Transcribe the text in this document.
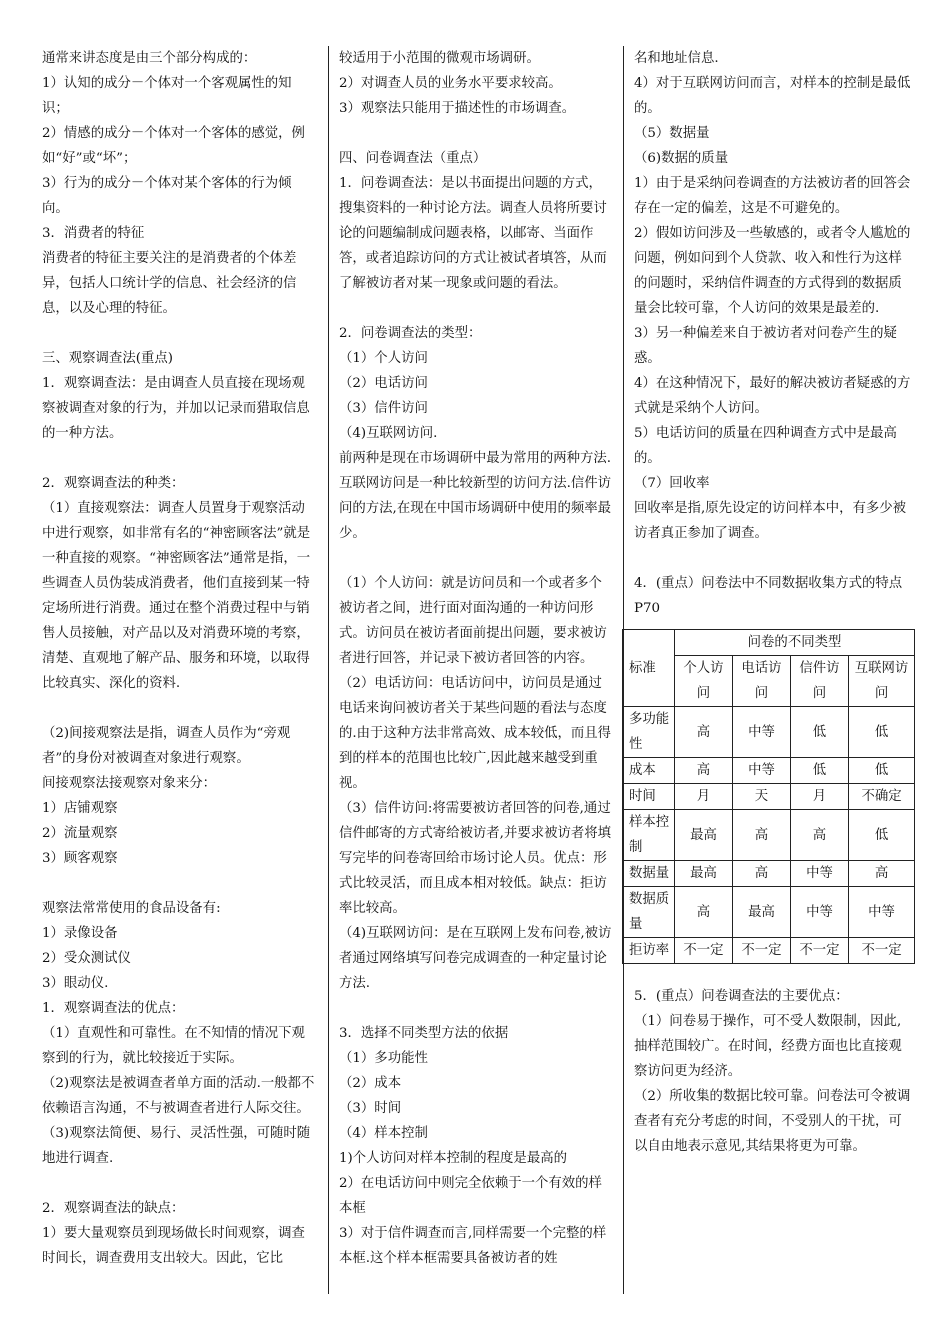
通常来讲态度是由三个部分构成的：

1）认知的成分－个体对一个客观属性的知识；

2）情感的成分－个体对一个客体的感觉，例如“好”或“坏”；

3）行为的成分－个体对某个客体的行为倾向。

3．消费者的特征

消费者的特征主要关注的是消费者的个体差异，包括人口统计学的信息、社会经济的信息，以及心理的特征。

三、观察调查法(重点)

1．观察调查法：是由调查人员直接在现场观察被调查对象的行为，并加以记录而猎取信息的一种方法。

2．观察调查法的种类：

（1）直接观察法：调查人员置身于观察活动中进行观察，如非常有名的“神密顾客法”就是一种直接的观察。“神密顾客法”通常是指，一些调查人员伪装成消费者，他们直接到某一特定场所进行消费。通过在整个消费过程中与销售人员接触，对产品以及对消费环境的考察，清楚、直观地了解产品、服务和环境，以取得比较真实、深化的资料.

（2)间接观察法是指，调查人员作为“旁观者”的身份对被调查对象进行观察。

间接观察法接观察对象来分：

1）店铺观察

2）流量观察

3）顾客观察

观察法常常使用的食品设备有:

1）录像设备

2）受众测试仪

3）眼动仪.

1．观察调查法的优点：

（1）直观性和可靠性。在不知情的情况下观察到的行为，就比较接近于实际。

（2)观察法是被调查者单方面的活动.一般都不依赖语言沟通，不与被调查者进行人际交往。

（3)观察法简便、易行、灵活性强，可随时随地进行调查.

2．观察调查法的缺点：

1）要大量观察员到现场做长时间观察，调查时间长，调查费用支出较大。因此，它比

较适用于小范围的微观市场调研。

2）对调查人员的业务水平要求较高。

3）观察法只能用于描述性的市场调查。

四、问卷调查法（重点）

1．问卷调查法：是以书面提出问题的方式，搜集资料的一种讨论方法。调查人员将所要讨论的问题编制成问题表格，以邮寄、当面作答，或者追踪访问的方式让被试者填答，从而了解被访者对某一现象或问题的看法。

2．问卷调查法的类型：

（1）个人访问

（2）电话访问

（3）信件访问

（4)互联网访问.

前两种是现在市场调研中最为常用的两种方法.互联网访问是一种比较新型的访问方法.信件访问的方法,在现在中国市场调研中使用的频率最少。

（1）个人访问：就是访问员和一个或者多个被访者之间，进行面对面沟通的一种访问形式。访问员在被访者面前提出问题，要求被访者进行回答，并记录下被访者回答的内容。

（2）电话访问：电话访问中，访问员是通过电话来询问被访者关于某些问题的看法与态度的.由于这种方法非常高效、成本较低，而且得到的样本的范围也比较广,因此越来越受到重视。

（3）信件访问:将需要被访者回答的问卷,通过信件邮寄的方式寄给被访者,并要求被访者将填写完毕的问卷寄回给市场讨论人员。优点：形式比较灵活，而且成本相对较低。缺点：拒访率比较高。

（4)互联网访问：是在互联网上发布问卷,被访者通过网络填写问卷完成调查的一种定量讨论方法.

3．选择不同类型方法的依据

（1）多功能性

（2）成本

（3）时间

（4）样本控制

1)个人访问对样本控制的程度是最高的

2）在电话访问中则完全依赖于一个有效的样本框

3）对于信件调查而言,同样需要一个完整的样本框.这个样本框需要具备被访者的姓

名和地址信息.

4）对于互联网访问而言，对样本的控制是最低的。

（5）数据量

（6)数据的质量

1）由于是采纳问卷调查的方法被访者的回答会存在一定的偏差，这是不可避免的。

2）假如访问涉及一些敏感的，或者令人尴尬的问题，例如问到个人贷款、收入和性行为这样的问题时，采纳信件调查的方式得到的数据质量会比较可靠，个人访问的效果是最差的.

3）另一种偏差来自于被访者对问卷产生的疑惑。

4）在这种情况下，最好的解决被访者疑惑的方式就是采纳个人访问。

5）电话访问的质量在四种调查方式中是最高的。

（7）回收率

回收率是指,原先设定的访问样本中，有多少被访者真正参加了调查。

4．(重点）问卷法中不同数据收集方式的特点P70

标准	问卷的不同类型			
	个人访问	电话访问	信件访问	互联网访问
多功能性	高	中等	低	低
成本	高	中等	低	低
时间	月	天	月	不确定
样本控制	最高	高	高	低
数据量	最高	高	中等	高
数据质量	高	最高	中等	中等
拒访率	不一定	不一定	不一定	不一定

5．(重点）问卷调查法的主要优点：

（1）问卷易于操作，可不受人数限制，因此,抽样范围较广。在时间，经费方面也比直接观察访问更为经济。

（2）所收集的数据比较可靠。问卷法可令被调查者有充分考虑的时间，不受别人的干扰，可以自由地表示意见,其结果将更为可靠。
